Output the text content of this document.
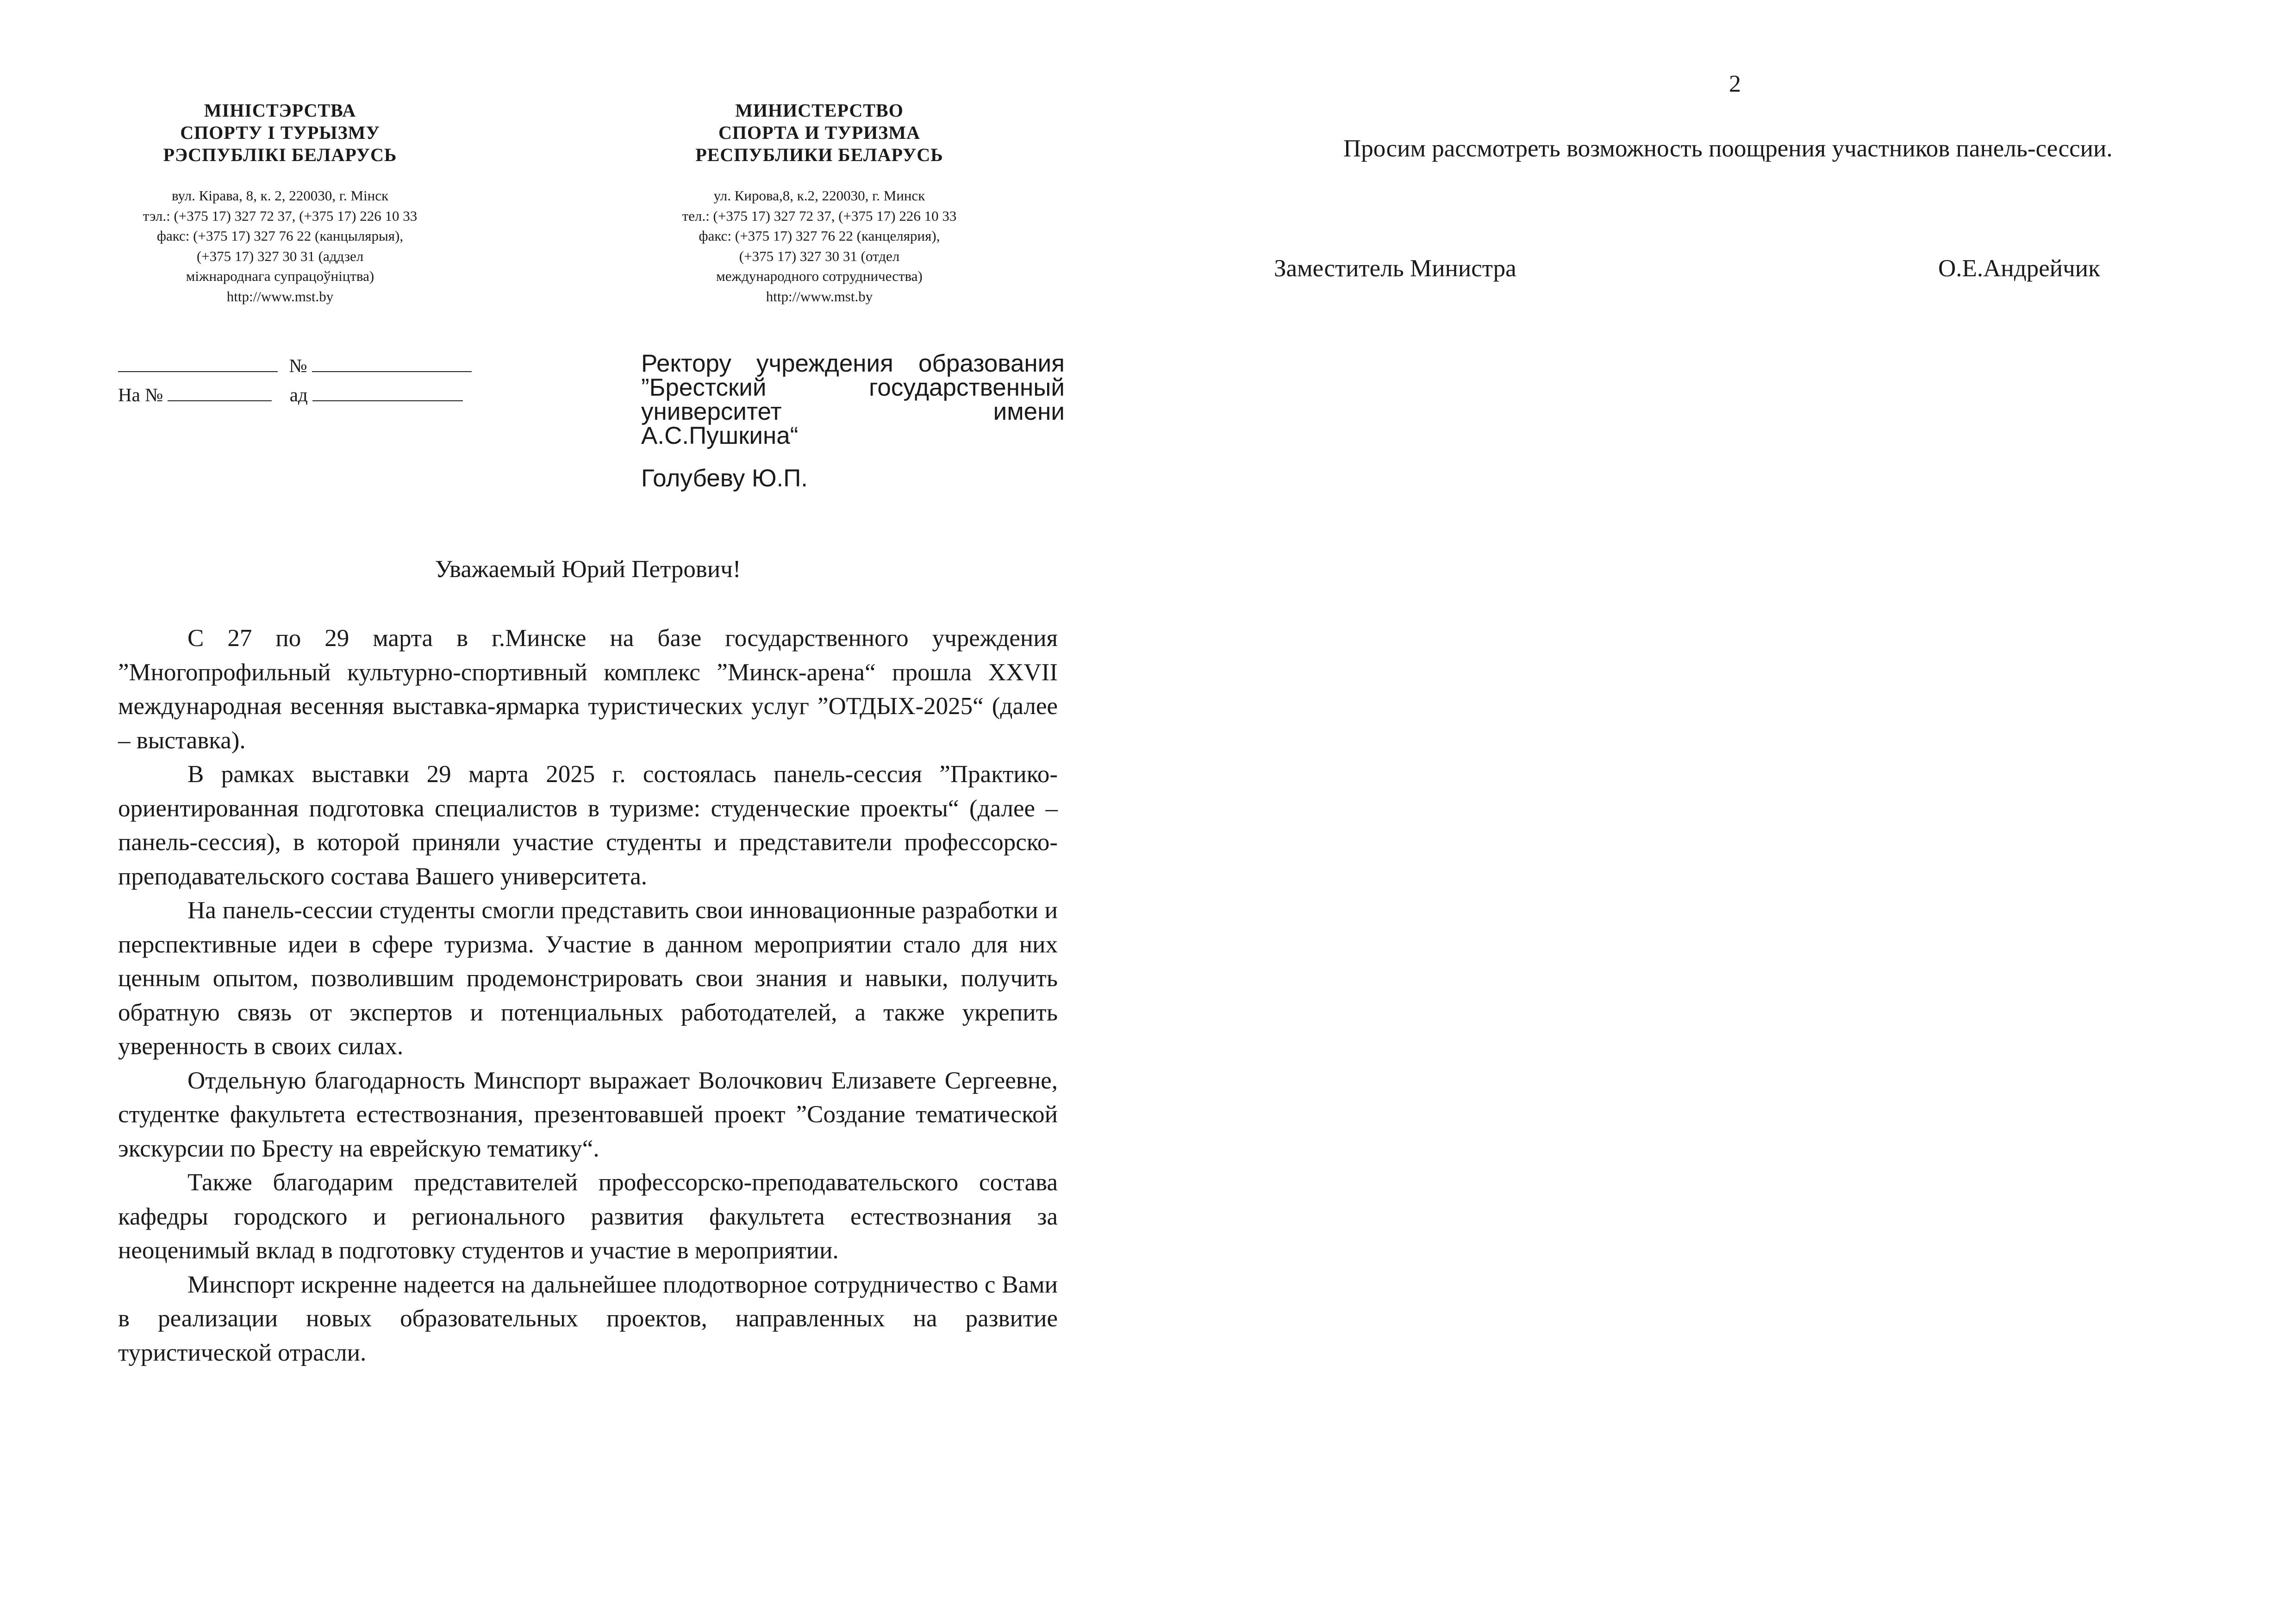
МІНІСТЭРСТВА
СПОРТУ І ТУРЫЗМУ
РЭСПУБЛІКІ БЕЛАРУСЬ
вул. Кірава, 8, к. 2, 220030, г. Мінск
тэл.: (+375 17) 327 72 37, (+375 17) 226 10 33
факс: (+375 17) 327 76 22 (канцылярыя),
(+375 17) 327 30 31 (аддзел
міжнароднага супрацоўніцтва)
http://www.mst.by
МИНИСТЕРСТВО
СПОРТА И ТУРИЗМА
РЕСПУБЛИКИ БЕЛАРУСЬ
ул. Кирова,8, к.2, 220030, г. Минск
тел.: (+375 17) 327 72 37, (+375 17) 226 10 33
факс: (+375 17) 327 76 22 (канцелярия),
(+375 17) 327 30 31 (отдел
международного сотрудничества)
http://www.mst.by
№
На №	ад
Ректору учреждения образования
”Брестский государственный
университет имени
А.С.Пушкина“
Голубеву Ю.П.
Уважаемый Юрий Петрович!

С 27 по 29 марта в г.Минске на базе государственного учреждения ”Многопрофильный культурно-спортивный комплекс ”Минск-арена“ прошла XXVII международная весенняя выставка-ярмарка туристических услуг ”ОТДЫХ-2025“ (далее – выставка).

В рамках выставки 29 марта 2025 г. состоялась панель-сессия ”Практико-ориентированная подготовка специалистов в туризме: студенческие проекты“ (далее – панель-сессия), в которой приняли участие студенты и представители профессорско-преподавательского состава Вашего университета.

На панель-сессии студенты смогли представить свои инновационные разработки и перспективные идеи в сфере туризма. Участие в данном мероприятии стало для них ценным опытом, позволившим продемонстрировать свои знания и навыки, получить обратную связь от экспертов и потенциальных работодателей, а также укрепить уверенность в своих силах.

Отдельную благодарность Минспорт выражает Волочкович Елизавете Сергеевне, студентке факультета естествознания, презентовавшей проект ”Создание тематической экскурсии по Бресту на еврейскую тематику“.

Также благодарим представителей профессорско-преподавательского состава кафедры городского и регионального развития факультета естествознания за неоценимый вклад в подготовку студентов и участие в мероприятии.

Минспорт искренне надеется на дальнейшее плодотворное сотрудничество с Вами в реализации новых образовательных проектов, направленных на развитие туристической отрасли.

2

Просим рассмотреть возможность поощрения участников панель-сессии.

Заместитель Министра	О.Е.Андрейчик
